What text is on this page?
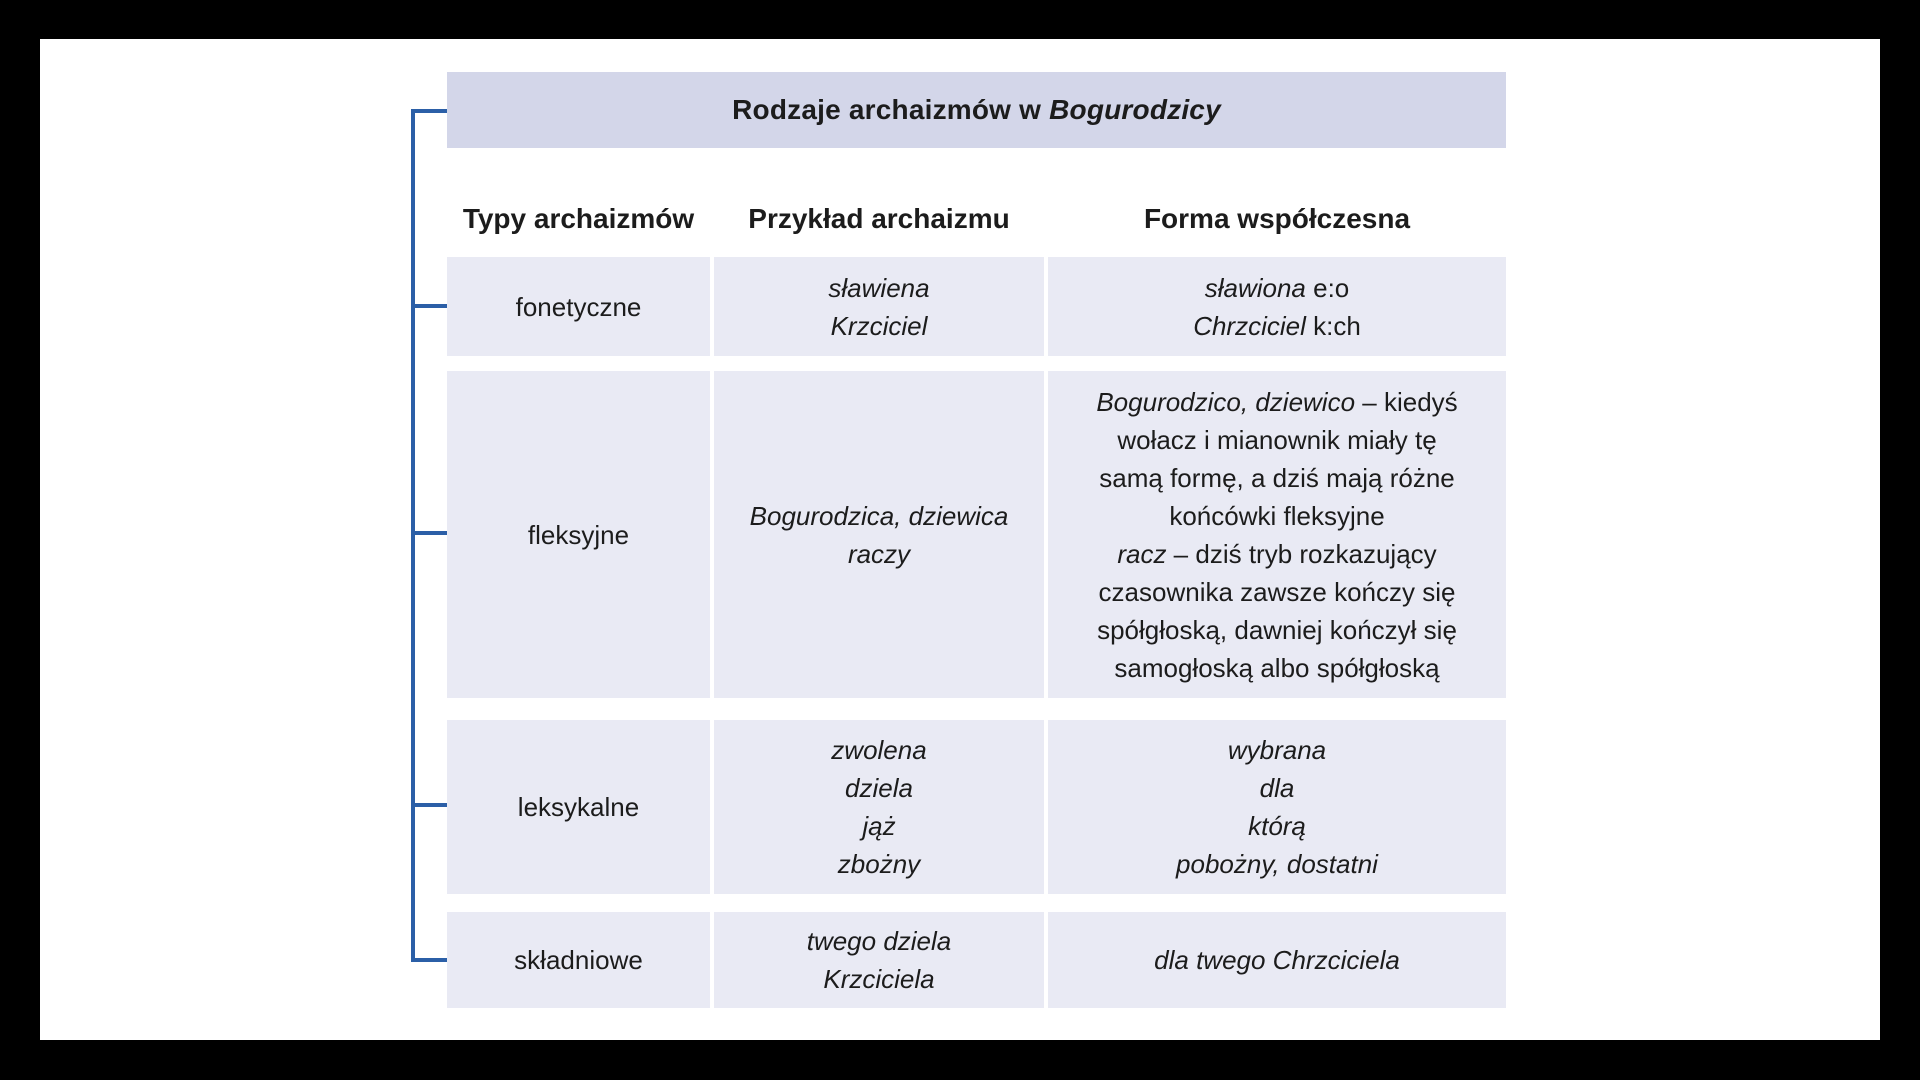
Rodzaje archaizmów w Bogurodzicy
Typy archaizmów	Przykład archaizmu	Forma współczesna
fonetyczne
sławiena
Krzciciel
sławiona e:o
Chrzciciel k:ch
fleksyjne
Bogurodzica, dziewica
raczy
Bogurodzico, dziewico – kiedyś
wołacz i mianownik miały tę
samą formę, a dziś mają różne
końcówki fleksyjne
racz – dziś tryb rozkazujący
czasownika zawsze kończy się
spółgłoską, dawniej kończył się
samogłoską albo spółgłoską
leksykalne
zwolena
dziela
jąż
zbożny
wybrana
dla
którą
pobożny, dostatni
składniowe
twego dziela
Krzciciela
dla twego Chrzciciela
